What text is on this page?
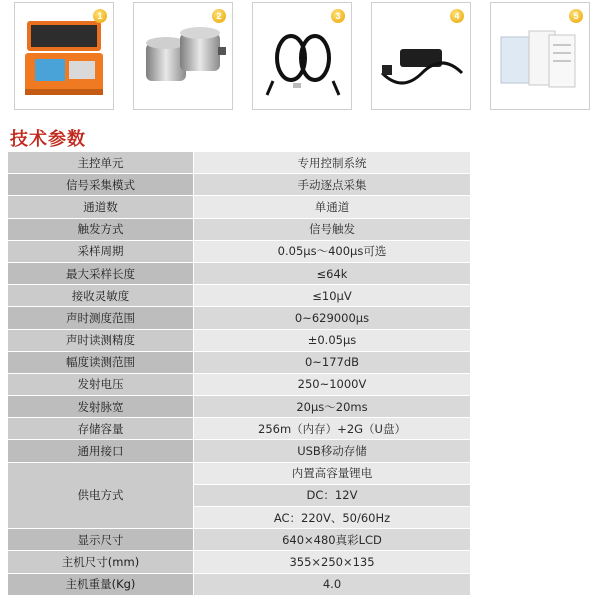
1	2	3	4	5
技术参数
主控单元	专用控制系统
信号采集模式	手动逐点采集
通道数	单通道
触发方式	信号触发
采样周期	0.05μs～400μs可选
最大采样长度	≤64k
接收灵敏度	≤10μV
声时测度范围	0~629000μs
声时读测精度	±0.05μs
幅度读测范围	0~177dB
发射电压	250~1000V
发射脉宽	20μs～20ms
存储容量	256m（内存）+2G（U盘）
通用接口	USB移动存储
供电方式	内置高容量锂电
	DC：12V
	AC：220V、50/60Hz
显示尺寸	640×480真彩LCD
主机尺寸(mm)	355×250×135
主机重量(Kg)	4.0
